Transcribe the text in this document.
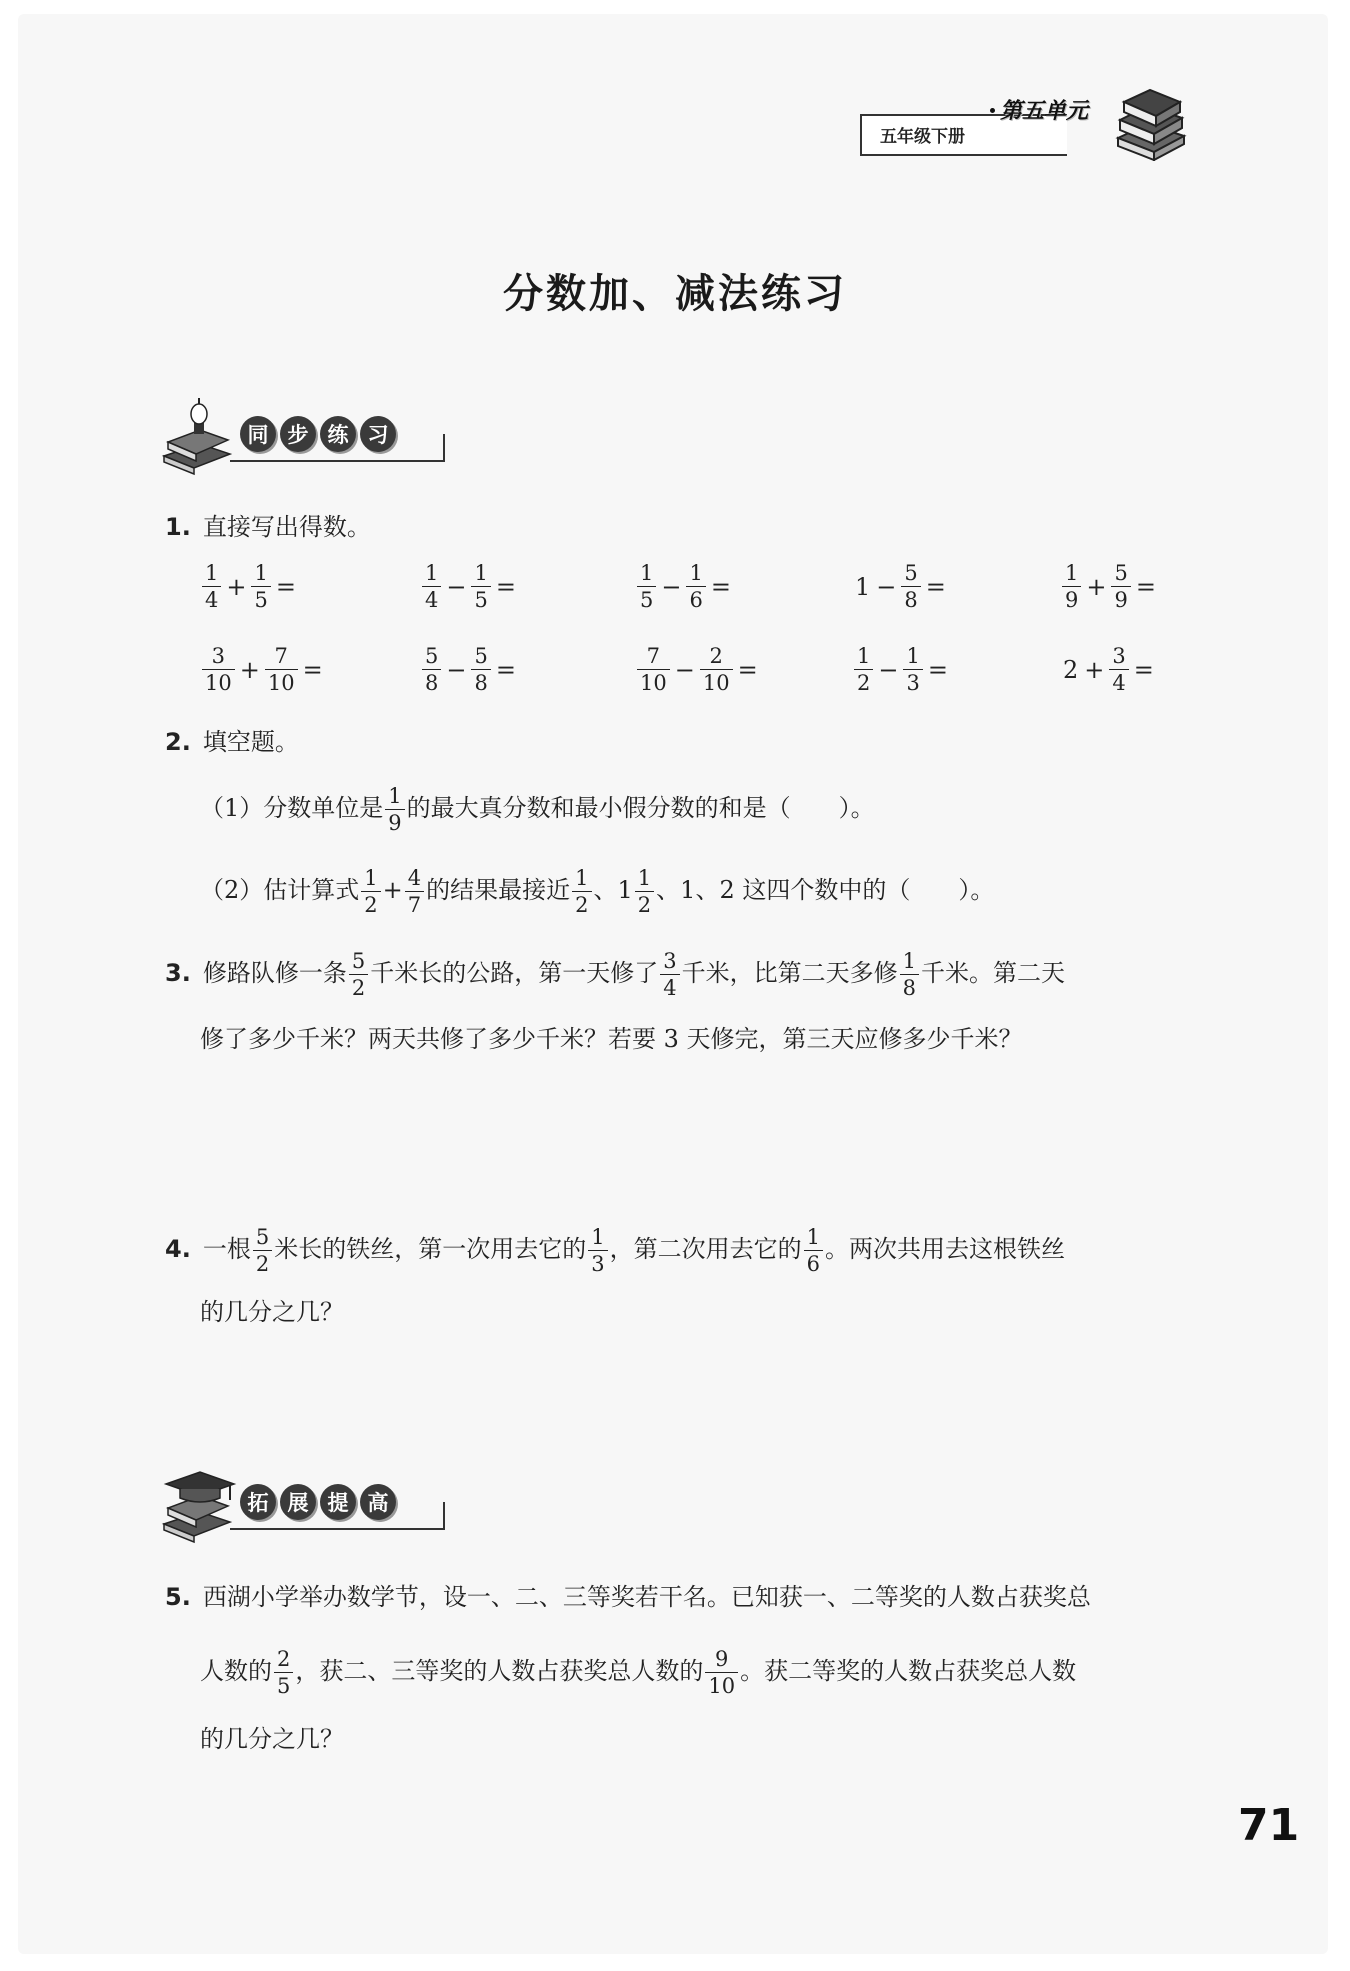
五年级下册
第五单元
分数加、减法练习
同 步 练 习
1. 直接写出得数。
$\frac{1}{4} + \frac{1}{5}$ =	$\frac{1}{4} - \frac{1}{5}$ =	$\frac{1}{5} - \frac{1}{6}$ =	$1 - \frac{5}{8}$ =	$\frac{1}{9} + \frac{5}{9}$ =
$\frac{3}{10} + \frac{7}{10}$ =	$\frac{5}{8} - \frac{5}{8}$ =	$\frac{7}{10} - \frac{2}{10}$ =	$\frac{1}{2} - \frac{1}{3}$ =	$2 + \frac{3}{4}$ =
2. 填空题。
（1）分数单位是 $\frac{1}{9}$ 的最大真分数和最小假分数的和是（　　）。
（2）估计算式 $\frac{1}{2} + \frac{4}{7}$ 的结果最接近 $\frac{1}{2}$ 、$1 \frac{1}{2}$ 、1、2 这四个数中的（　　）。
3. 修路队修一条 $\frac{5}{2}$ 千米长的公路，第一天修了 $\frac{3}{4}$ 千米，比第二天多修 $\frac{1}{8}$ 千米。第二天
修了多少千米？两天共修了多少千米？若要 3 天修完，第三天应修多少千米？
4. 一根 $\frac{5}{2}$ 米长的铁丝，第一次用去它的 $\frac{1}{3}$ ，第二次用去它的 $\frac{1}{6}$ 。两次共用去这根铁丝
的几分之几？
拓 展 提 高
5. 西湖小学举办数学节，设一、二、三等奖若干名。已知获一、二等奖的人数占获奖总
人数的 $\frac{2}{5}$ ，获二、三等奖的人数占获奖总人数的 $\frac{9}{10}$ 。获二等奖的人数占获奖总人数
的几分之几？
71
